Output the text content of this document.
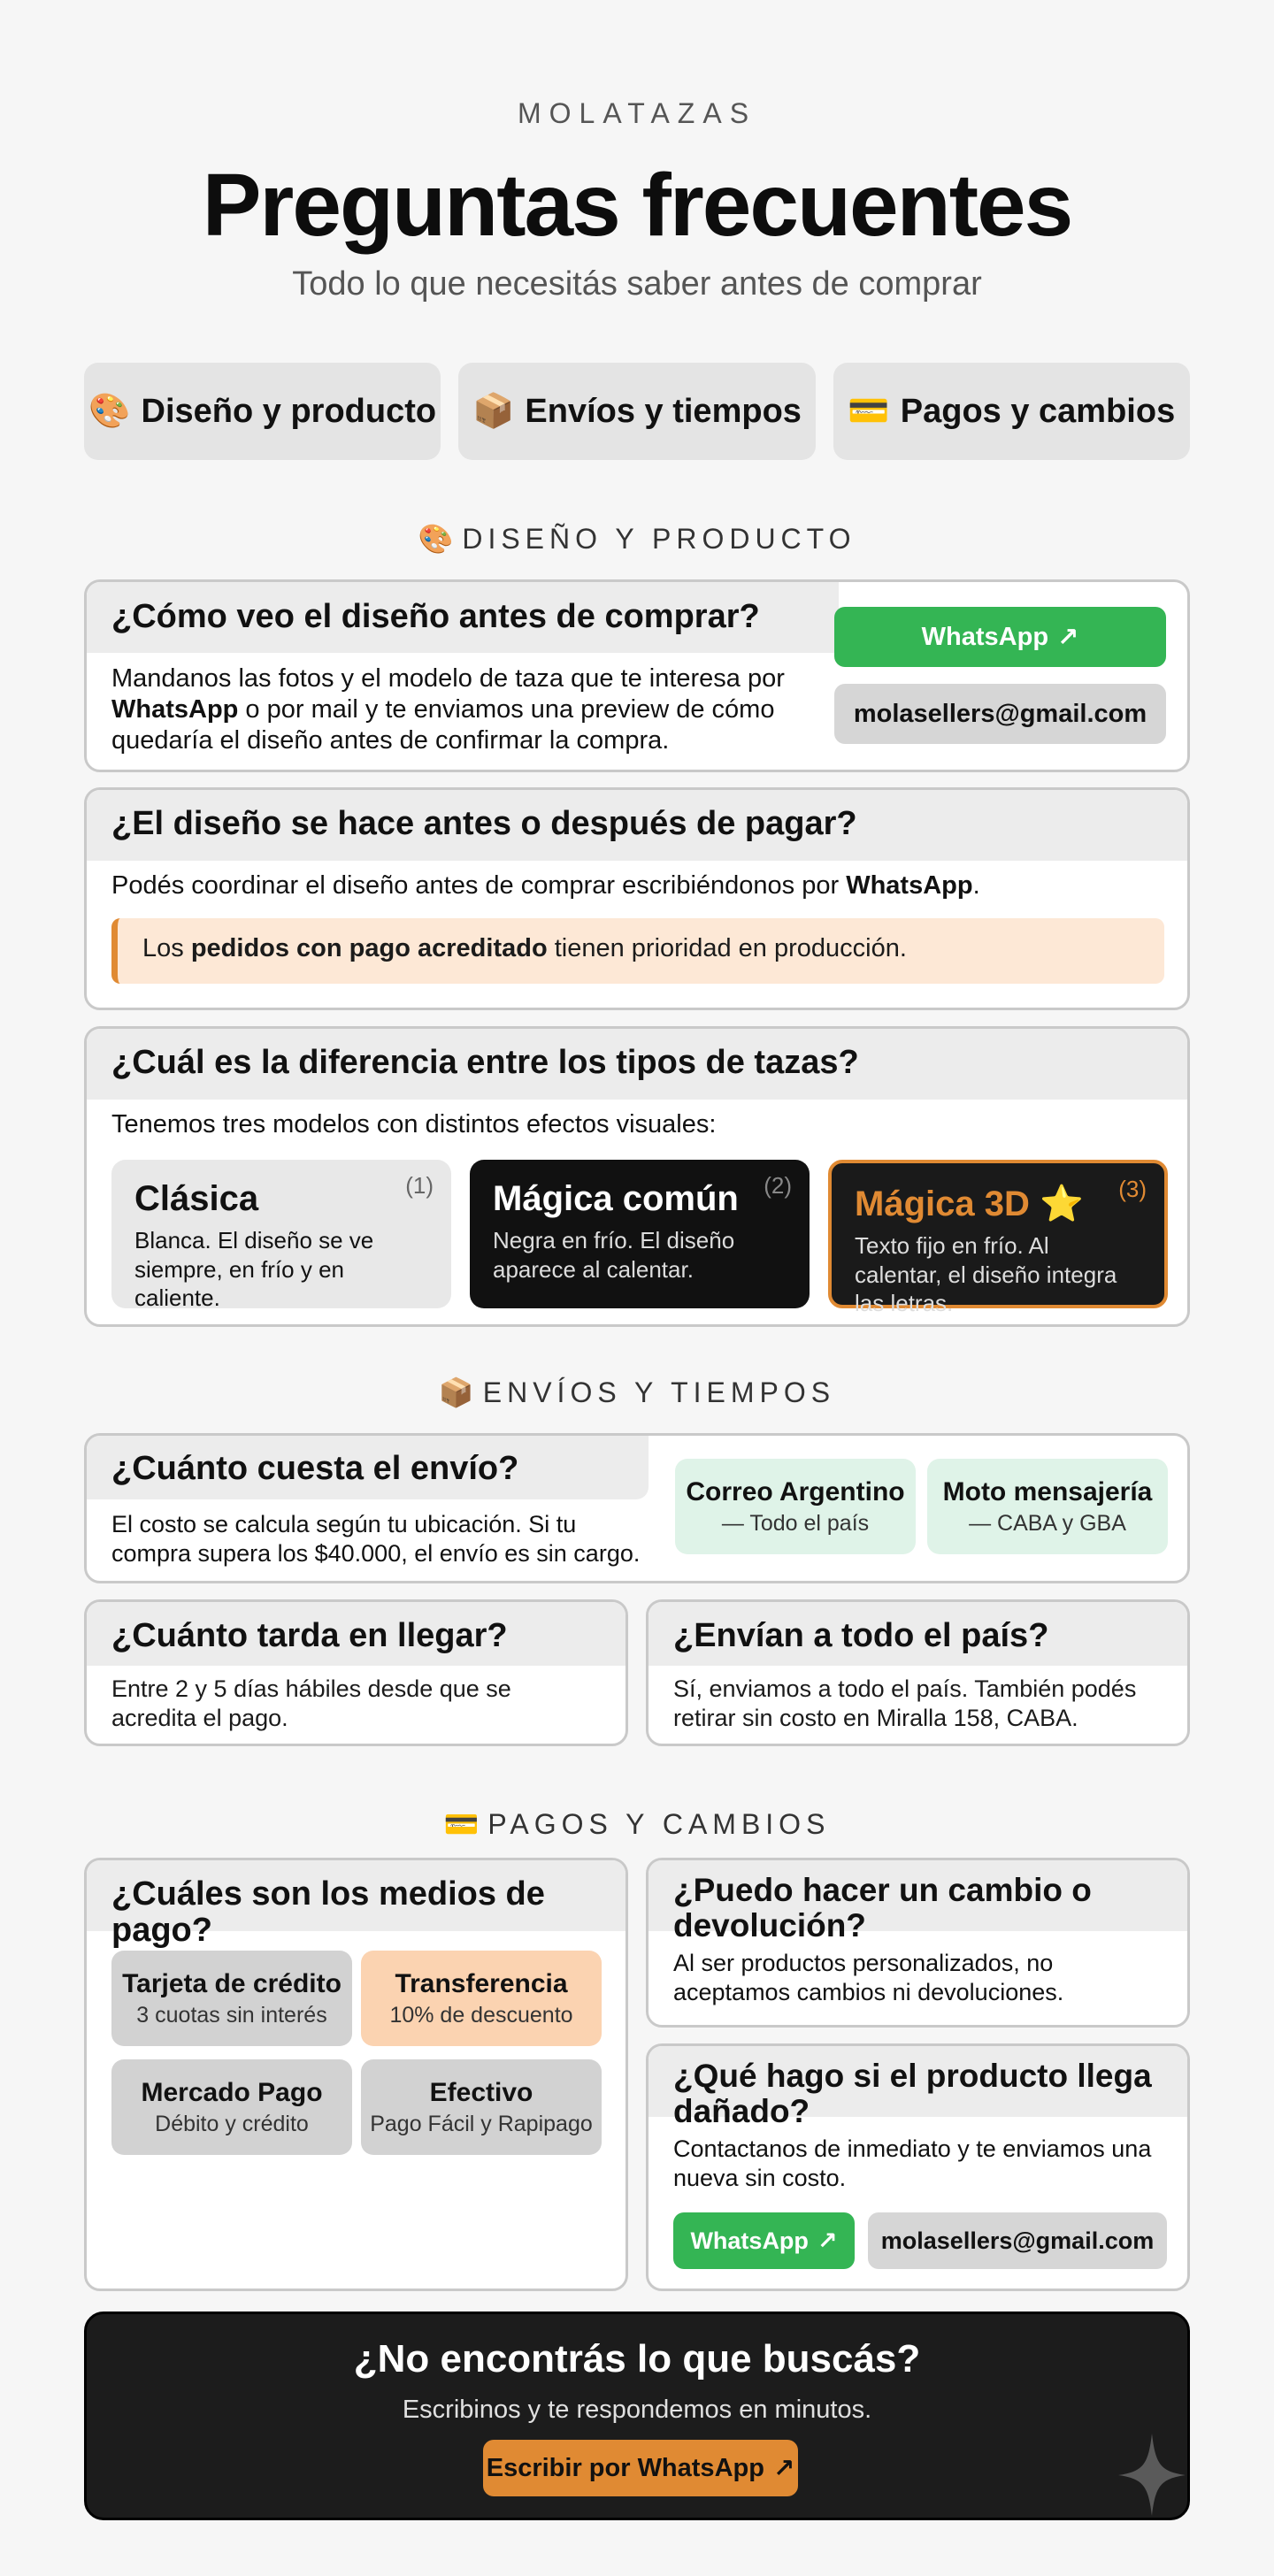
MOLATAZAS
Preguntas frecuentes
Todo lo que necesitás saber antes de comprar
🎨 Diseño y producto 📦 Envíos y tiempos 💳 Pagos y cambios
🎨 DISEÑO Y PRODUCTO
¿Cómo veo el diseño antes de comprar?
Mandanos las fotos y el modelo de taza que te interesa por WhatsApp o por mail y te enviamos una preview de cómo quedaría el diseño antes de confirmar la compra.
WhatsApp ↗
molasellers@gmail.com
¿El diseño se hace antes o después de pagar?
Podés coordinar el diseño antes de comprar escribiéndonos por WhatsApp.
Los pedidos con pago acreditado tienen prioridad en producción.
¿Cuál es la diferencia entre los tipos de tazas?
Tenemos tres modelos con distintos efectos visuales:
Clásica
Blanca. El diseño se ve siempre, en frío y en caliente.
(1) Mágica común
Negra en frío. El diseño aparece al calentar.
(2) Mágica 3D ⭐
Texto fijo en frío. Al calentar, el diseño integra las letras.
(3)
📦 ENVÍOS Y TIEMPOS
¿Cuánto cuesta el envío?
El costo se calcula según tu ubicación. Si tu compra supera los $40.000, el envío es sin cargo.
Correo Argentino
— Todo el país
Moto mensajería
— CABA y GBA
¿Cuánto tarda en llegar?
Entre 2 y 5 días hábiles desde que se acredita el pago.
¿Envían a todo el país?
Sí, enviamos a todo el país. También podés retirar sin costo en Miralla 158, CABA.
💳 PAGOS Y CAMBIOS
¿Cuáles son los medios de pago?
Tarjeta de crédito
3 cuotas sin interés
Transferencia
10% de descuento
Mercado Pago
Débito y crédito
Efectivo
Pago Fácil y Rapipago
¿Puedo hacer un cambio o devolución?
Al ser productos personalizados, no aceptamos cambios ni devoluciones.
¿Qué hago si el producto llega dañado?
Contactanos de inmediato y te enviamos una nueva sin costo.
WhatsApp ↗	molasellers@gmail.com
¿No encontrás lo que buscás?
Escribinos y te respondemos en minutos.
Escribir por WhatsApp ↗
